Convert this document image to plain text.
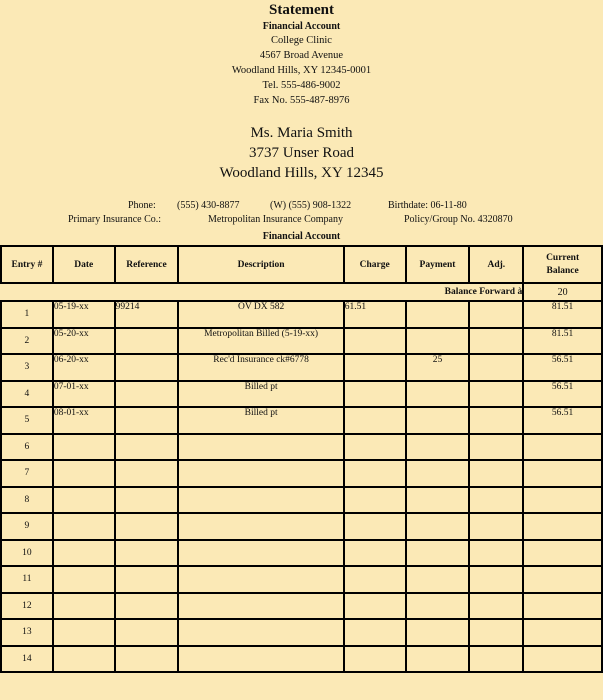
Statement
Financial Account
College Clinic
4567 Broad Avenue
Woodland Hills, XY 12345-0001
Tel. 555-486-9002
Fax No. 555-487-8976
Ms. Maria Smith
3737 Unser Road
Woodland Hills, XY 12345
Phone: (555) 430-8877	(W) (555) 908-1322	Birthdate: 06-11-80
Primary Insurance Co.:	Metropolitan Insurance Company	Policy/Group No. 4320870
Financial Account
Entry #	Date	Reference	Description	Charge	Payment	Adj.	Current
Balance

Balance Forward à							20
1	05-19-xx	99214	OV DX 582	61.51			81.51
2	05-20-xx		Metropolitan Billed (5-19-xx)				81.51
3	06-20-xx		Rec'd Insurance ck#6778		25		56.51
4	07-01-xx		Billed pt				56.51
5	08-01-xx		Billed pt				56.51
6							
7							
8							
9							
10							
11							
12							
13							
14							
